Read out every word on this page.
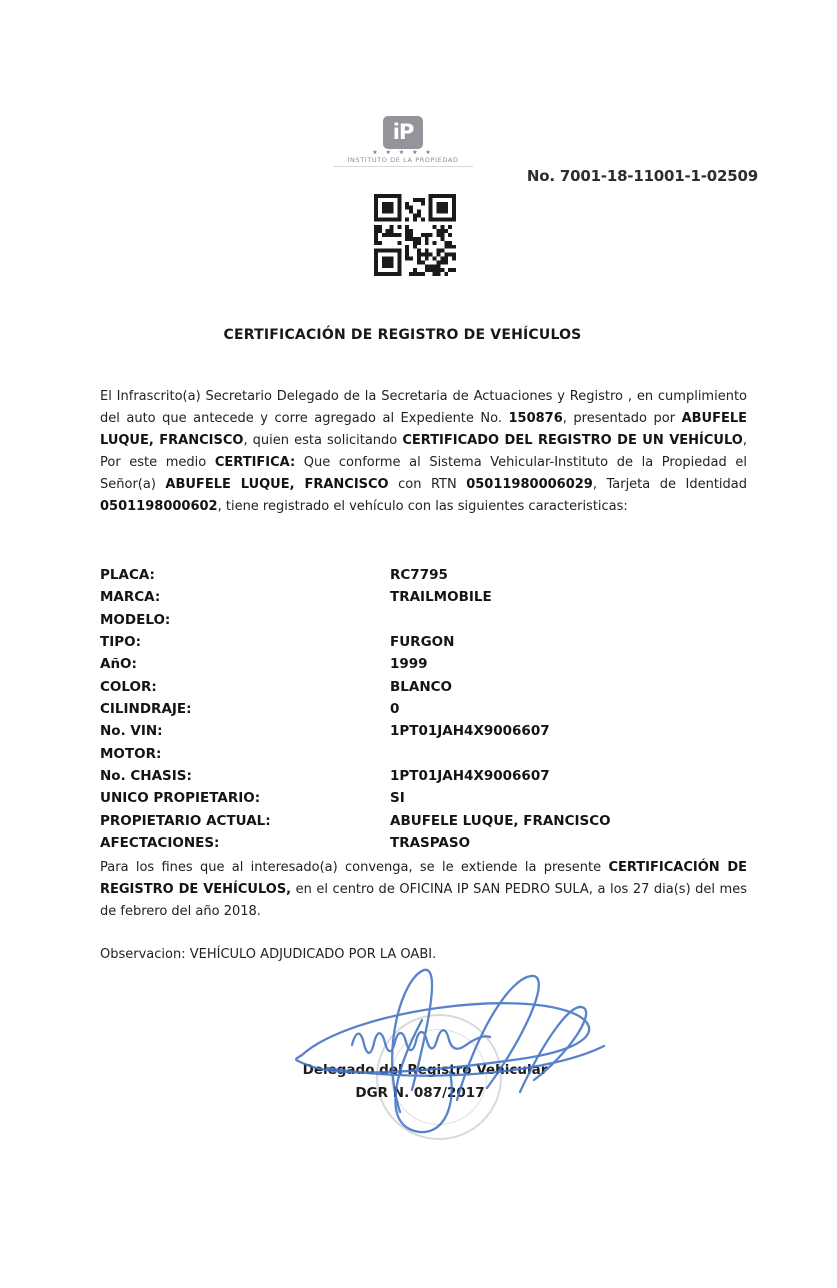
iP
★ ★ ★ ★ ★
INSTITUTO DE LA PROPIEDAD
No. 7001-18-11001-1-02509
CERTIFICACIÓN DE REGISTRO DE VEHÍCULOS
El Infrascrito(a) Secretario Delegado de la Secretaria de Actuaciones y Registro , en cumplimiento del auto que antecede y corre agregado al Expediente No. 150876, presentado por ABUFELE LUQUE, FRANCISCO, quien esta solicitando CERTIFICADO DEL REGISTRO DE UN VEHÍCULO, Por este medio CERTIFICA: Que conforme al Sistema Vehicular-Instituto de la Propiedad el Señor(a) ABUFELE LUQUE, FRANCISCO con RTN 05011980006029, Tarjeta de Identidad 0501198000602, tiene registrado el vehículo con las siguientes caracteristicas:
PLACA:	RC7795
MARCA:	TRAILMOBILE
MODELO:
TIPO:	FURGON
AñO:	1999
COLOR:	BLANCO
CILINDRAJE:	0
No. VIN:	1PT01JAH4X9006607
MOTOR:
No. CHASIS:	1PT01JAH4X9006607
UNICO PROPIETARIO:	SI
PROPIETARIO ACTUAL:	ABUFELE LUQUE, FRANCISCO
AFECTACIONES:	TRASPASO
Para los fines que al interesado(a) convenga, se le extiende la presente CERTIFICACIÓN DE REGISTRO DE VEHÍCULOS, en el centro de OFICINA IP SAN PEDRO SULA, a los 27 dia(s) del mes de febrero del año 2018.
Observacion: VEHÍCULO ADJUDICADO POR LA OABI.
Delegado del Registro Vehicular
DGR N. 087/2017
